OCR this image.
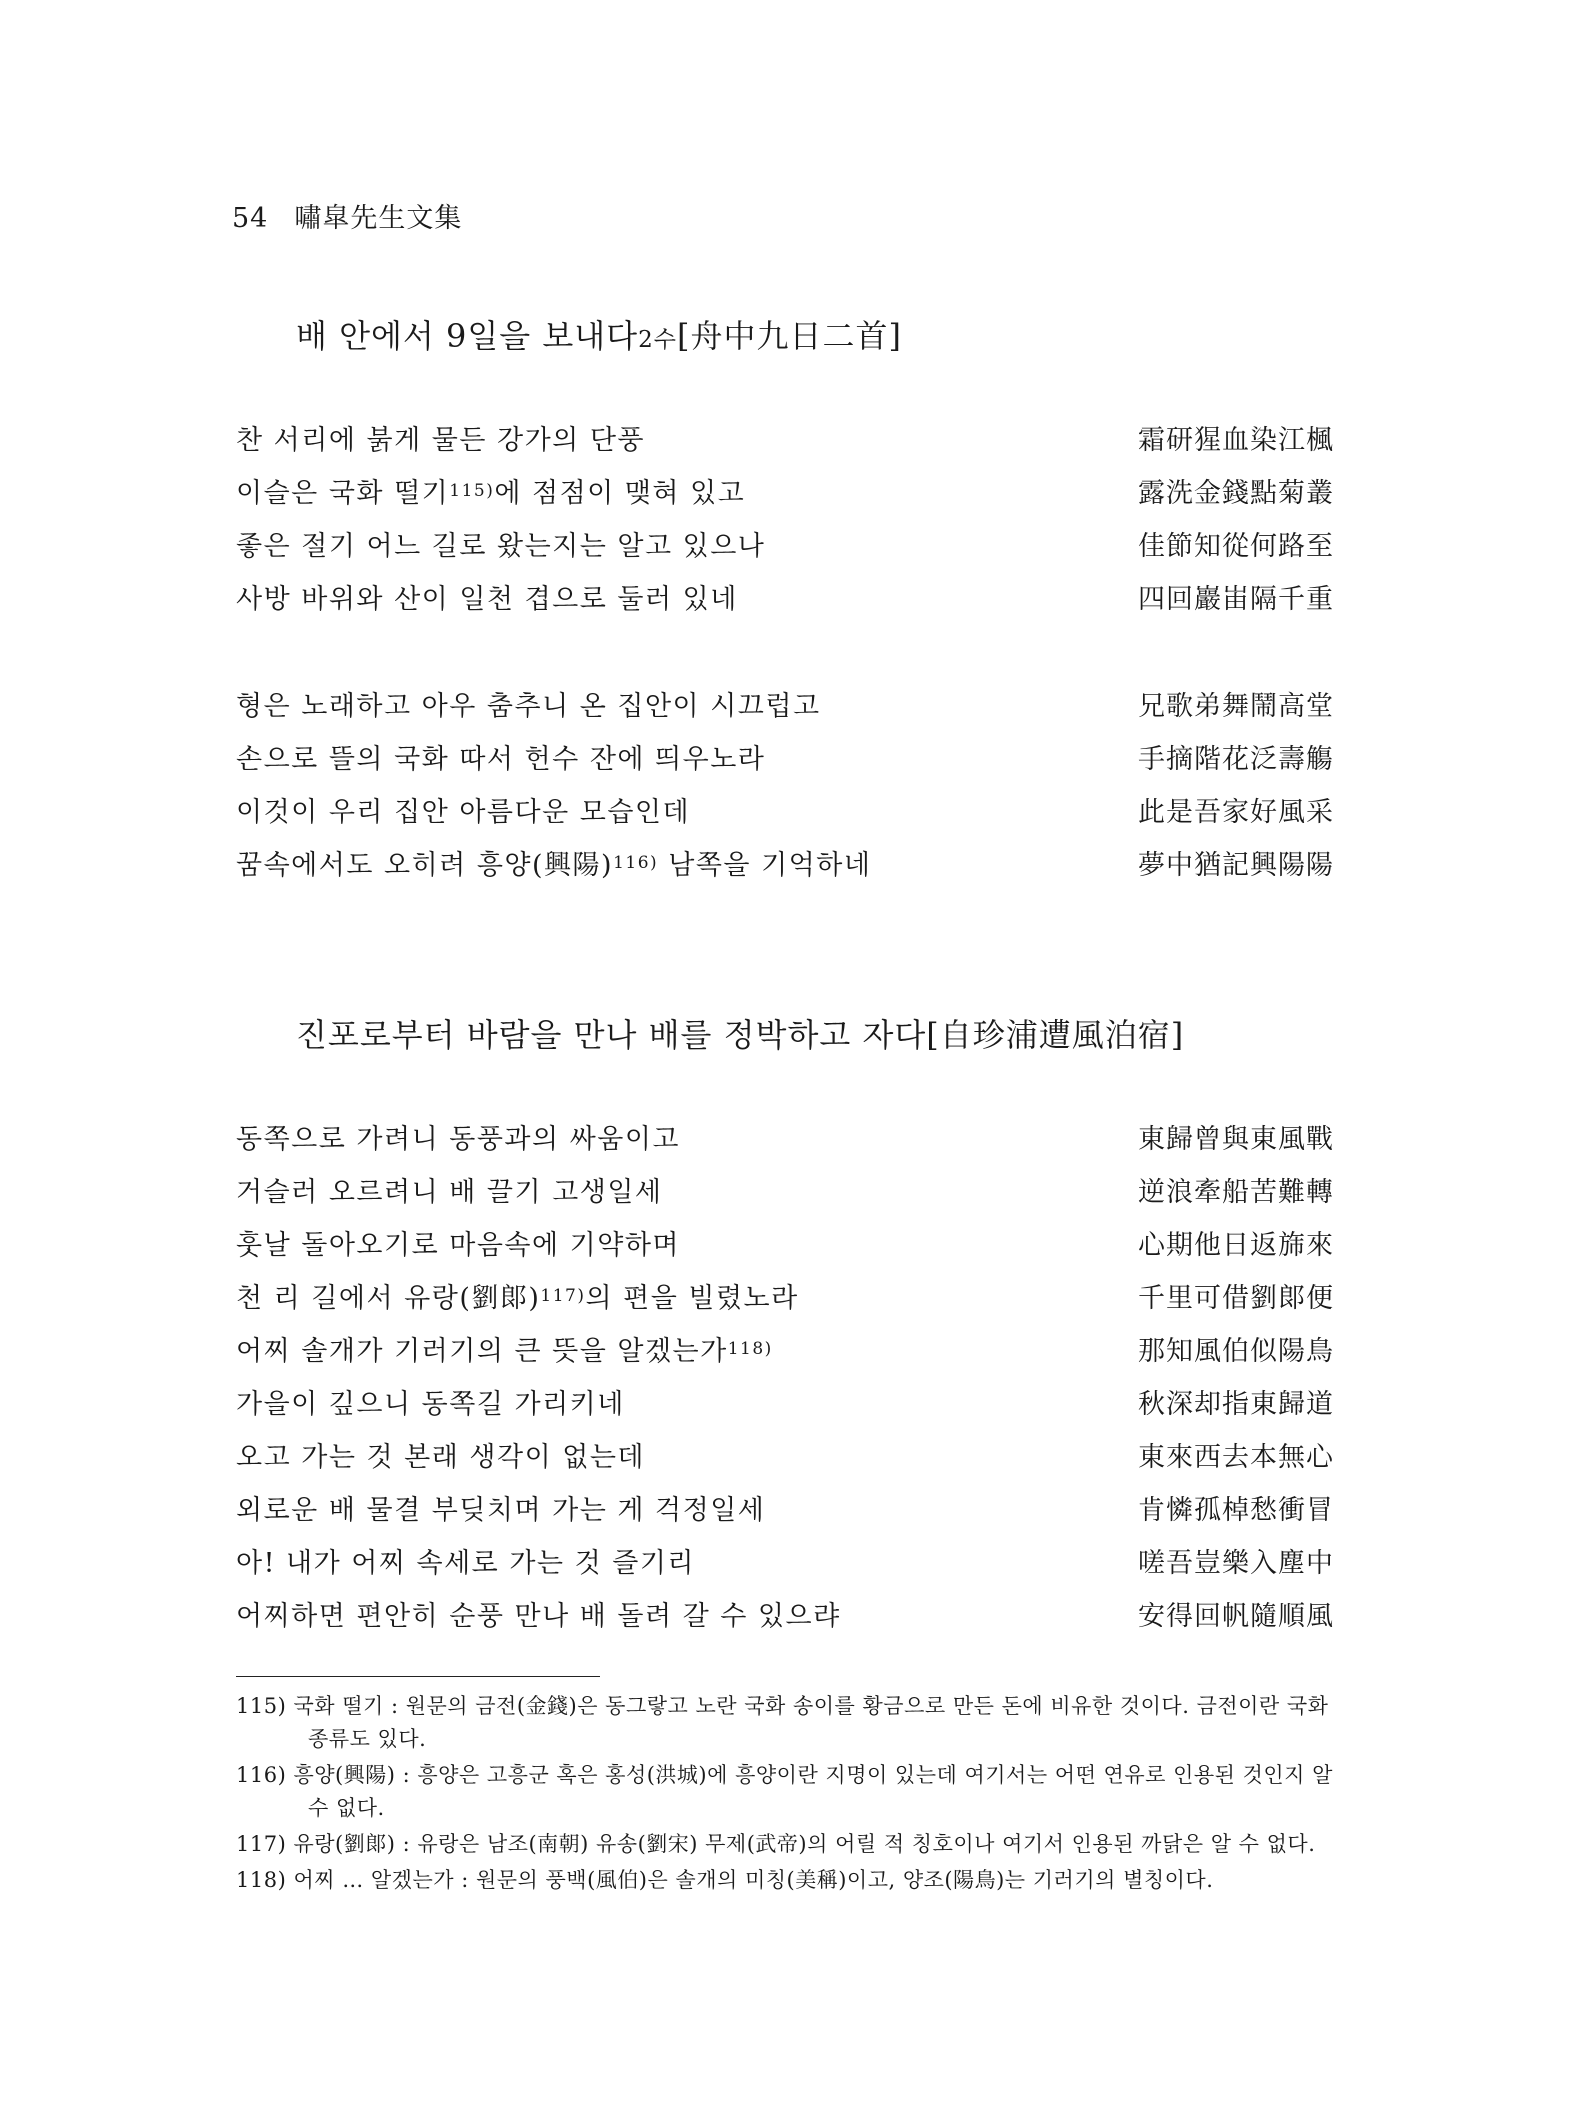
54 嘯皐先生文集
배 안에서 9일을 보내다2수[舟中九日二首]
찬 서리에 붉게 물든 강가의 단풍	霜研猩血染江楓
이슬은 국화 떨기$^{115)}$에 점점이 맺혀 있고	露洗金錢點菊叢
좋은 절기 어느 길로 왔는지는 알고 있으나	佳節知從何路至
사방 바위와 산이 일천 겹으로 둘러 있네	四回巖峀隔千重
형은 노래하고 아우 춤추니 온 집안이 시끄럽고	兄歌弟舞鬧高堂
손으로 뜰의 국화 따서 헌수 잔에 띄우노라	手摘階花泛壽觴
이것이 우리 집안 아름다운 모습인데	此是吾家好風采
꿈속에서도 오히려 흥양(興陽)$^{116)}$ 남쪽을 기억하네	夢中猶記興陽陽
진포로부터 바람을 만나 배를 정박하고 자다[自珍浦遭風泊宿]
동쪽으로 가려니 동풍과의 싸움이고	東歸曾與東風戰
거슬러 오르려니 배 끌기 고생일세	逆浪牽船苦難轉
훗날 돌아오기로 마음속에 기약하며	心期他日返旆來
천 리 길에서 유랑(劉郞)$^{117)}$의 편을 빌렸노라	千里可借劉郞便
어찌 솔개가 기러기의 큰 뜻을 알겠는가$^{118)}$	那知風伯似陽鳥
가을이 깊으니 동쪽길 가리키네	秋深却指東歸道
오고 가는 것 본래 생각이 없는데	東來西去本無心
외로운 배 물결 부딪치며 가는 게 걱정일세	肯憐孤棹愁衝冒
아! 내가 어찌 속세로 가는 것 즐기리	嗟吾豈樂入塵中
어찌하면 편안히 순풍 만나 배 돌려 갈 수 있으랴	安得回帆隨順風
115) 국화 떨기 : 원문의 금전(金錢)은 동그랗고 노란 국화 송이를 황금으로 만든 돈에 비유한 것이다. 금전이란 국화 종류도 있다.
116) 흥양(興陽) : 흥양은 고흥군 혹은 홍성(洪城)에 흥양이란 지명이 있는데 여기서는 어떤 연유로 인용된 것인지 알 수 없다.
117) 유랑(劉郞) : 유랑은 남조(南朝) 유송(劉宋) 무제(武帝)의 어릴 적 칭호이나 여기서 인용된 까닭은 알 수 없다.
118) 어찌 … 알겠는가 : 원문의 풍백(風伯)은 솔개의 미칭(美稱)이고, 양조(陽鳥)는 기러기의 별칭이다.
